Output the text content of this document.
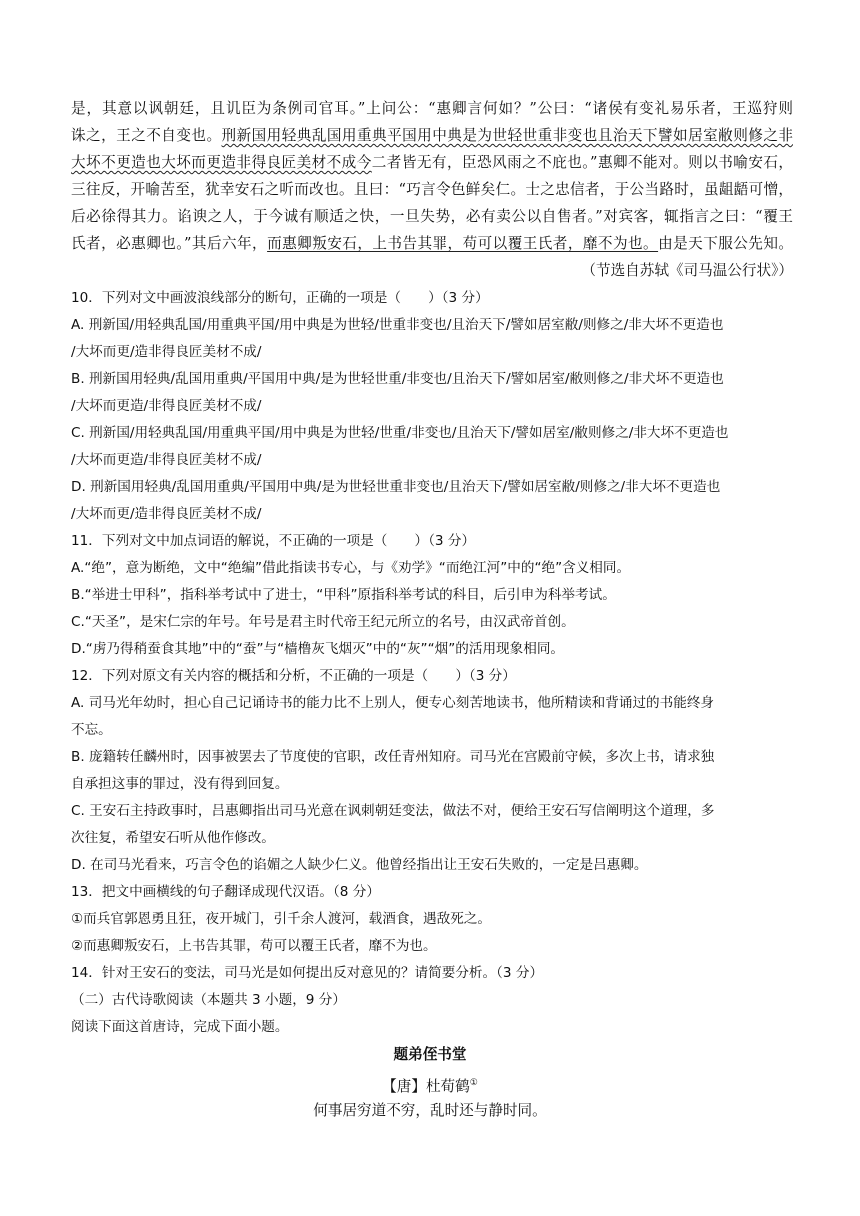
是，其意以讽朝廷，且讥臣为条例司官耳。”上问公：“惠卿言何如？”公曰：“诸侯有变礼易乐者，王巡狩则
诛之，王之不自变也。刑新国用轻典乱国用重典平国用中典是为世轻世重非变也且治天下譬如居室敝则修之非
大坏不更造也大坏而更造非得良匠美材不成今二者皆无有，臣恐风雨之不庇也。”惠卿不能对。则以书喻安石，
三往反，开喻苦至，犹幸安石之听而改也。且曰：“巧言令色鲜矣仁。士之忠信者，于公当路时，虽龃龉可憎，
后必徐得其力。谄谀之人，于今诚有顺适之快，一旦失势，必有卖公以自售者。”对宾客，辄指言之曰：“覆王
氏者，必惠卿也。”其后六年，而惠卿叛安石，上书告其罪，苟可以覆王氏者，靡不为也。由是天下服公先知。
（节选自苏轼《司马温公行状》）
10．下列对文中画波浪线部分的断句，正确的一项是（　　）（3 分）
A. 刑新国/用轻典乱国/用重典平国/用中典是为世轻/世重非变也/且治天下/譬如居室敝/则修之/非大坏不更造也
/大坏而更/造非得良匠美材不成/
B. 刑新国用轻典/乱国用重典/平国用中典/是为世轻世重/非变也/且治天下/譬如居室/敝则修之/非犬坏不更造也
/大坏而更造/非得良匠美材不成/
C. 刑新国/用轻典乱国/用重典平国/用中典是为世轻/世重/非变也/且治天下/譬如居室/敝则修之/非大坏不更造也
/大坏而更造/非得良匠美材不成/
D. 刑新国用轻典/乱国用重典/平国用中典/是为世轻世重非变也/且治天下/譬如居室敝/则修之/非大坏不更造也
/大坏而更/造非得良匠美材不成/
11．下列对文中加点词语的解说，不正确的一项是（　　）（3 分）
A.“绝”，意为断绝，文中“绝编”借此指读书专心，与《劝学》“而绝江河”中的“绝”含义相同。
B.“举进士甲科”，指科举考试中了进士，“甲科”原指科举考试的科目，后引申为科举考试。
C.“天圣”，是宋仁宗的年号。年号是君主时代帝王纪元所立的名号，由汉武帝首创。
D.“虏乃得稍蚕食其地”中的“蚕”与“樯橹灰飞烟灭”中的“灰”“烟”的活用现象相同。
12．下列对原文有关内容的概括和分析，不正确的一项是（　　）（3 分）
A. 司马光年幼时，担心自己记诵诗书的能力比不上别人，便专心刻苦地读书，他所精读和背诵过的书能终身
不忘。
B. 庞籍转任麟州时，因事被罢去了节度使的官职，改任青州知府。司马光在宫殿前守候，多次上书，请求独
自承担这事的罪过，没有得到回复。
C. 王安石主持政事时，吕惠卿指出司马光意在讽刺朝廷变法，做法不对，便给王安石写信阐明这个道理，多
次往复，希望安石听从他作修改。
D. 在司马光看来，巧言令色的谄媚之人缺少仁义。他曾经指出让王安石失败的，一定是吕惠卿。
13．把文中画横线的句子翻译成现代汉语。（8 分）
①而兵官郭恩勇且狂，夜开城门，引千余人渡河，载酒食，遇敌死之。
②而惠卿叛安石，上书告其罪，苟可以覆王氏者，靡不为也。
14．针对王安石的变法，司马光是如何提出反对意见的？请简要分析。（3 分）
（二）古代诗歌阅读（本题共 3 小题，9 分）
阅读下面这首唐诗，完成下面小题。
题弟侄书堂
【唐】杜荀鹤①
何事居穷道不穷，乱时还与静时同。
